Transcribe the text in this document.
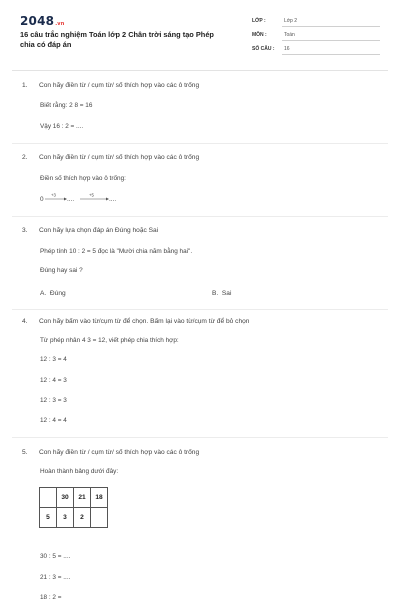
2048.vn
16 câu trắc nghiệm Toán lớp 2 Chân trời sáng tạo Phép chia có đáp án
LỚP :	Lớp 2
MÔN :	Toán
SỐ CÂU : 16
1. Con hãy điền từ / cụm từ/ số thích hợp vào các ô trống
Biết rằng: 2 8 = 16
Vậy 16 : 2 = ....
2. Con hãy điền từ / cụm từ/ số thích hợp vào các ô trống
Điền số thích hợp vào ô trống:
0
+3
....
+5
....
3. Con hãy lựa chọn đáp án Đúng hoặc Sai
Phép tính 10 : 2 = 5 đọc là "Mười chia năm bằng hai".
Đúng hay sai ?
A. Đúng	B. Sai
4. Con hãy bấm vào từ/cụm từ để chọn. Bấm lại vào từ/cụm từ để bỏ chọn
Từ phép nhân 4 3 = 12, viết phép chia thích hợp:
12 : 3 = 4
12 : 4 = 3
12 : 3 = 3
12 : 4 = 4
5. Con hãy điền từ / cụm từ/ số thích hợp vào các ô trống
Hoàn thành bảng dưới đây:
	30	21	18
5	3	2	
30 : 5 = ....
21 : 3 = ....
18 : 2 =
